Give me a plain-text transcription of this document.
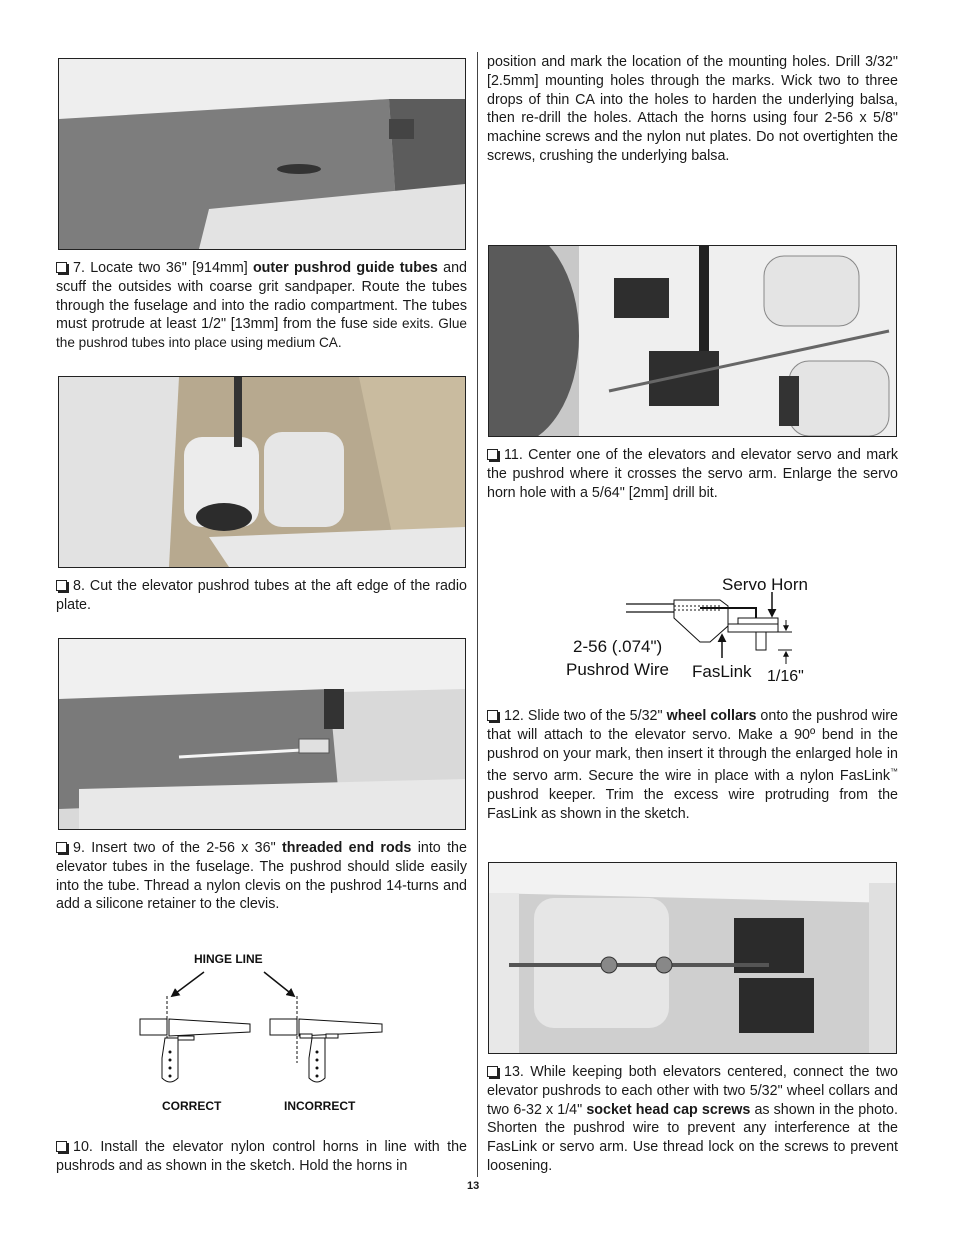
7. Locate two 36" [914mm] outer pushrod guide tubes and scuff the outsides with coarse grit sandpaper. Route the tubes through the fuselage and into the radio compartment. The tubes must protrude at least 1/2" [13mm] from the fuse side exits. Glue the pushrod tubes into place using medium CA.

8. Cut the elevator pushrod tubes at the aft edge of the radio plate.

9. Insert two of the 2-56 x 36" threaded end rods into the elevator tubes in the fuselage. The pushrod should slide easily into the tube. Thread a nylon clevis on the pushrod 14-turns and add a silicone retainer to the clevis.

HINGE LINE
CORRECT	INCORRECT

10. Install the elevator nylon control horns in line with the pushrods and as shown in the sketch. Hold the horns in

position and mark the location of the mounting holes. Drill 3/32" [2.5mm] mounting holes through the marks. Wick two to three drops of thin CA into the holes to harden the underlying balsa, then re-drill the holes. Attach the horns using four 2-56 x 5/8" machine screws and the nylon nut plates. Do not overtighten the screws, crushing the underlying balsa.

11. Center one of the elevators and elevator servo and mark the pushrod where it crosses the servo arm. Enlarge the servo horn hole with a 5/64" [2mm] drill bit.

Servo Horn
2-56 (.074")
Pushrod Wire FasLink 1/16"

12. Slide two of the 5/32" wheel collars onto the pushrod wire that will attach to the elevator servo. Make a 90º bend in the pushrod on your mark, then insert it through the enlarged hole in the servo arm. Secure the wire in place with a nylon FasLink™ pushrod keeper. Trim the excess wire protruding from the FasLink as shown in the sketch.

13. While keeping both elevators centered, connect the two elevator pushrods to each other with two 5/32" wheel collars and two 6-32 x 1/4" socket head cap screws as shown in the photo. Shorten the pushrod wire to prevent any interference at the FasLink or servo arm. Use thread lock on the screws to prevent loosening.

13
